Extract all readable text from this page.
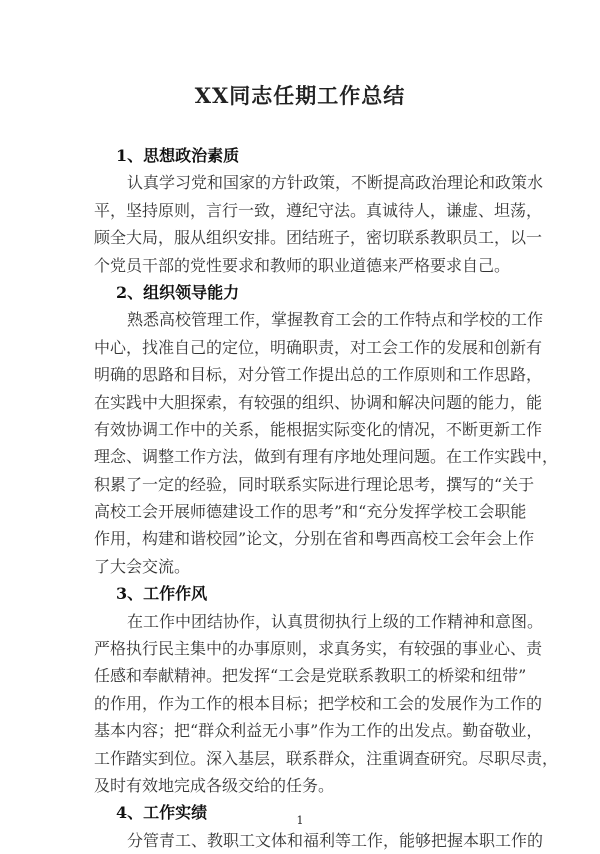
XX同志任期工作总结
1、思想政治素质
认真学习党和国家的方针政策，不断提高政治理论和政策水
平，坚持原则，言行一致，遵纪守法。真诚待人，谦虚、坦荡，
顾全大局，服从组织安排。团结班子，密切联系教职员工，以一
个党员干部的党性要求和教师的职业道德来严格要求自己。
2、组织领导能力
熟悉高校管理工作，掌握教育工会的工作特点和学校的工作
中心，找准自己的定位，明确职责，对工会工作的发展和创新有
明确的思路和目标，对分管工作提出总的工作原则和工作思路，
在实践中大胆探索，有较强的组织、协调和解决问题的能力，能
有效协调工作中的关系，能根据实际变化的情况，不断更新工作
理念、调整工作方法，做到有理有序地处理问题。在工作实践中，
积累了一定的经验，同时联系实际进行理论思考，撰写的“关于
高校工会开展师德建设工作的思考”和“充分发挥学校工会职能
作用，构建和谐校园”论文，分别在省和粤西高校工会年会上作
了大会交流。
3、工作作风
在工作中团结协作，认真贯彻执行上级的工作精神和意图。
严格执行民主集中的办事原则，求真务实，有较强的事业心、责
任感和奉献精神。把发挥“工会是党联系教职工的桥梁和纽带”
的作用，作为工作的根本目标；把学校和工会的发展作为工作的
基本内容；把“群众利益无小事”作为工作的出发点。勤奋敬业，
工作踏实到位。深入基层，联系群众，注重调查研究。尽职尽责，
及时有效地完成各级交给的任务。
4、工作实绩
分管青工、教职工文体和福利等工作，能够把握本职工作的
1
